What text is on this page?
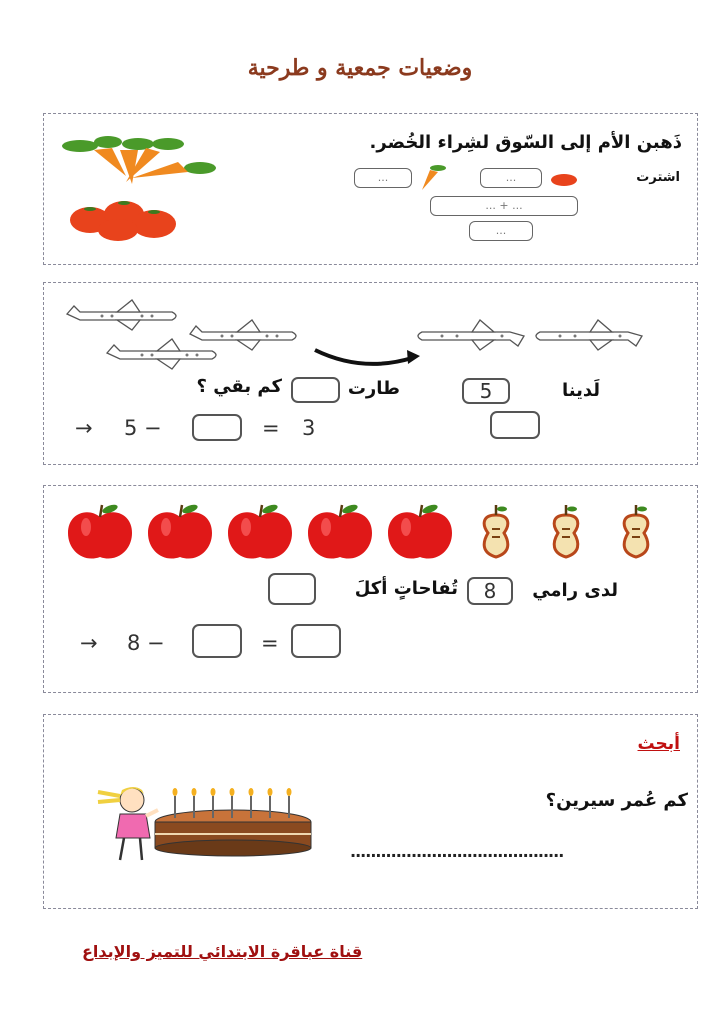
وضعيات جمعية و طرحية
ذَهبن الأم إلى السّوق لشِراء الخُضر.
اشترت
...
...
... + ...
...
لَدينا
5
طارت
كم بقي ؟
→ 5 −	= 3
لدى رامي
8
تُفاحاتٍ أكلَ
→ 8 −	=
أبحث
كم عُمر سيرين؟
..........................................
قناة عباقرة الابتدائي للتميز والإبداع
